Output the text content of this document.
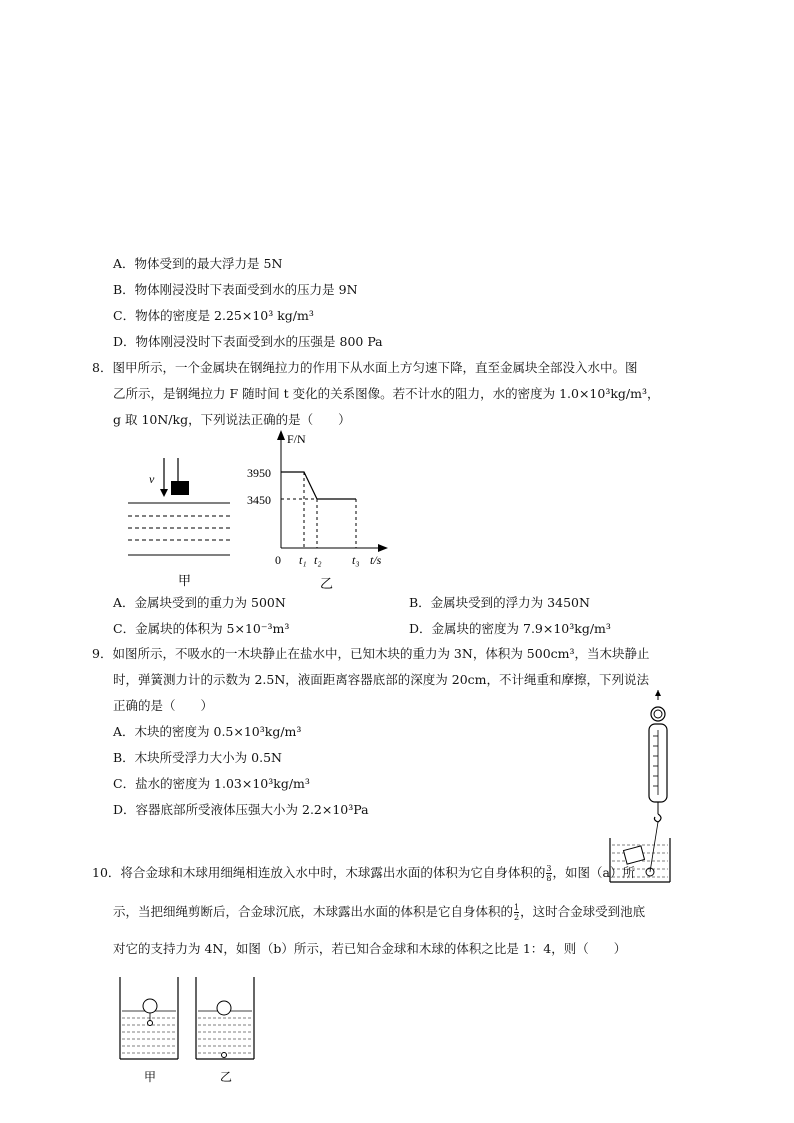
A．物体受到的最大浮力是 5N
B．物体刚浸没时下表面受到水的压力是 9N
C．物体的密度是 2.25×10³ kg/m³
D．物体刚浸没时下表面受到水的压强是 800 Pa
8．图甲所示，一个金属块在钢绳拉力的作用下从水面上方匀速下降，直至金属块全部没入水中。图
乙所示，是钢绳拉力 F 随时间 t 变化的关系图像。若不计水的阻力，水的密度为 1.0×10³kg/m³，
g 取 10N/kg，下列说法正确的是（　　）
v
甲
F/N
t/s
3950
3450
0 t₁ t₂	t₃
乙
A．金属块受到的重力为 500N	B．金属块受到的浮力为 3450N
C．金属块的体积为 5×10⁻³m³	D．金属块的密度为 7.9×10³kg/m³
9．如图所示，不吸水的一木块静止在盐水中，已知木块的重力为 3N，体积为 500cm³，当木块静止
时，弹簧测力计的示数为 2.5N，液面距离容器底部的深度为 20cm，不计绳重和摩擦，下列说法
正确的是（　　）
A．木块的密度为 0.5×10³kg/m³
B．木块所受浮力大小为 0.5N
C．盐水的密度为 1.03×10³kg/m³
D．容器底部所受液体压强大小为 2.2×10³Pa
10．将合金球和木球用细绳相连放入水中时，木球露出水面的体积为它自身体积的 $\frac{3}{8}$ ，如图（a）所
示，当把细绳剪断后，合金球沉底，木球露出水面的体积是它自身体积的 $\frac{1}{2}$ ，这时合金球受到池底
对它的支持力为 4N，如图（b）所示，若已知合金球和木球的体积之比是 1：4，则（　　）
甲	乙
